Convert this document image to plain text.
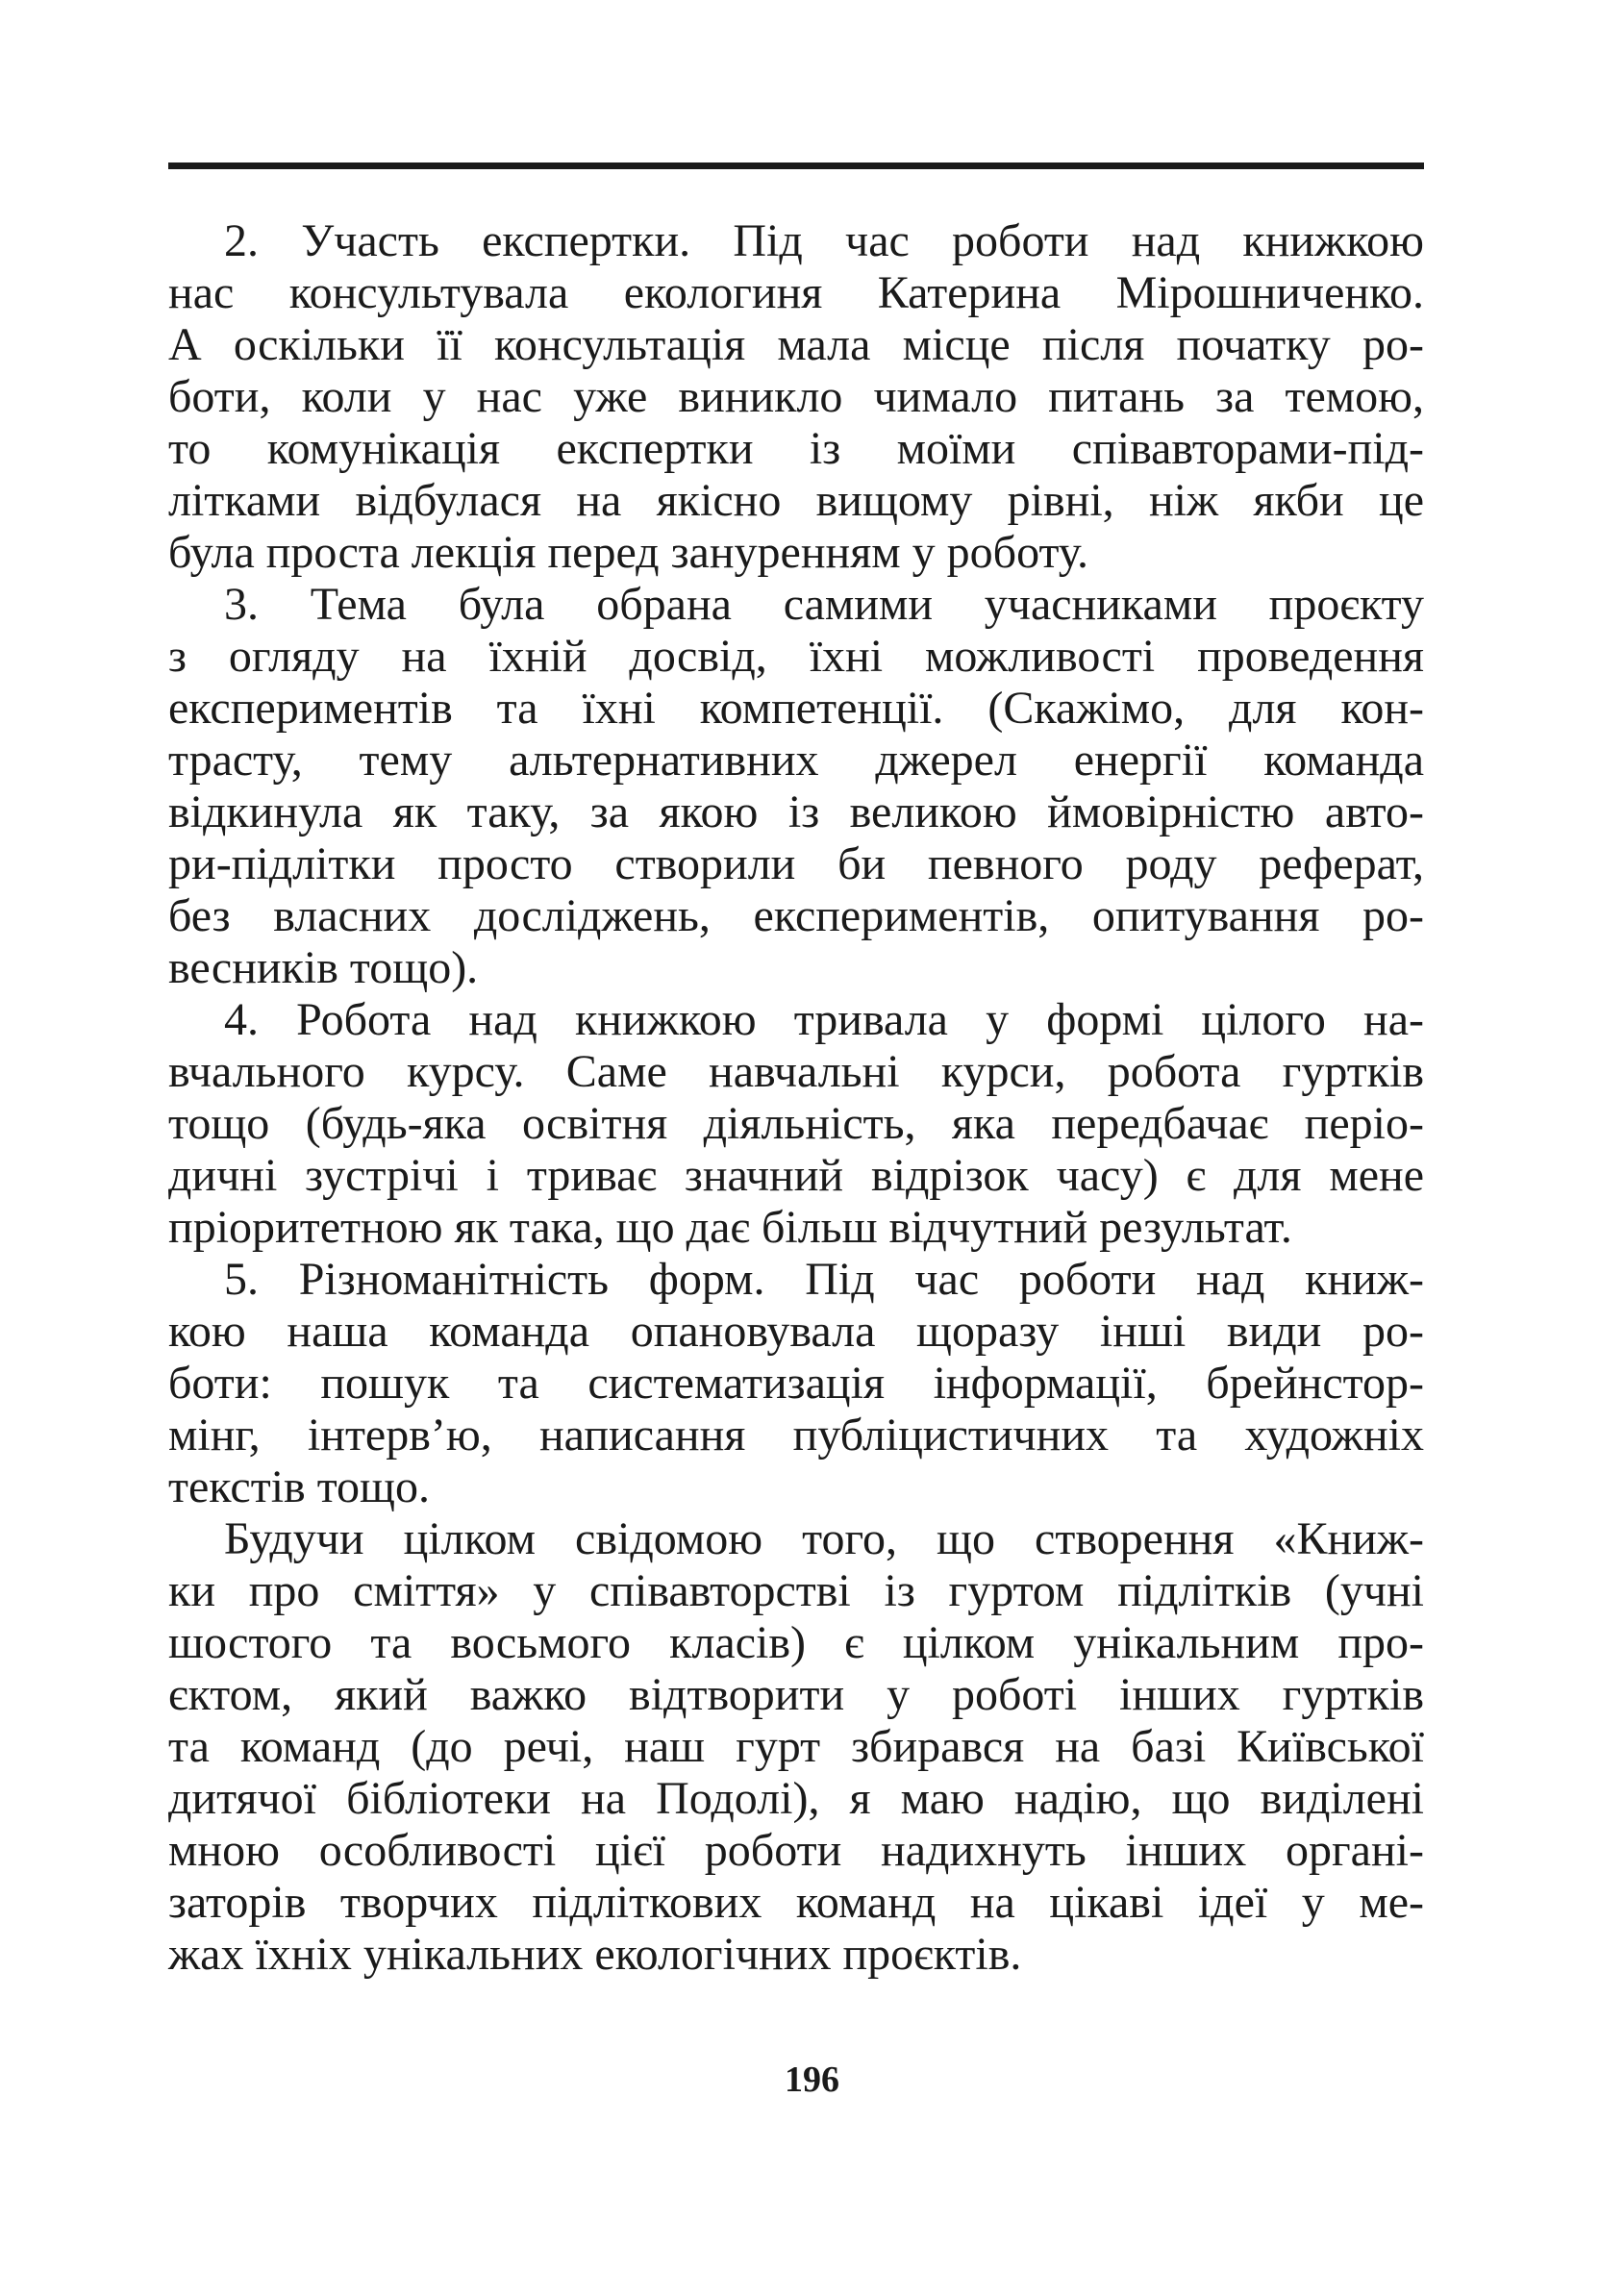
2. Участь експертки. Під час роботи над книжкою
нас консультувала екологиня Катерина Мірошниченко.
А оскільки її консультація мала місце після початку ро-
боти, коли у нас уже виникло чимало питань за темою,
то комунікація експертки із моїми співавторами-під-
літками відбулася на якісно вищому рівні, ніж якби це
була проста лекція перед зануренням у роботу.
3. Тема була обрана самими учасниками проєкту
з огляду на їхній досвід, їхні можливості проведення
експериментів та їхні компетенції. (Скажімо, для кон-
трасту, тему альтернативних джерел енергії команда
відкинула як таку, за якою із великою ймовірністю авто-
ри-підлітки просто створили би певного роду реферат,
без власних досліджень, експериментів, опитування ро-
весників тощо).
4. Робота над книжкою тривала у формі цілого на-
вчального курсу. Саме навчальні курси, робота гуртків
тощо (будь-яка освітня діяльність, яка передбачає періо-
дичні зустрічі і триває значний відрізок часу) є для мене
пріоритетною як така, що дає більш відчутний результат.
5. Різноманітність форм. Під час роботи над книж-
кою наша команда опановувала щоразу інші види ро-
боти: пошук та систематизація інформації, брейнстор-
мінг, інтерв’ю, написання публіцистичних та художніх
текстів тощо.
Будучи цілком свідомою того, що створення «Книж-
ки про сміття» у співавторстві із гуртом підлітків (учні
шостого та восьмого класів) є цілком унікальним про-
єктом, який важко відтворити у роботі інших гуртків
та команд (до речі, наш гурт збирався на базі Київської
дитячої бібліотеки на Подолі), я маю надію, що виділені
мною особливості цієї роботи надихнуть інших органі-
заторів творчих підліткових команд на цікаві ідеї у ме-
жах їхніх унікальних екологічних проєктів.
196
